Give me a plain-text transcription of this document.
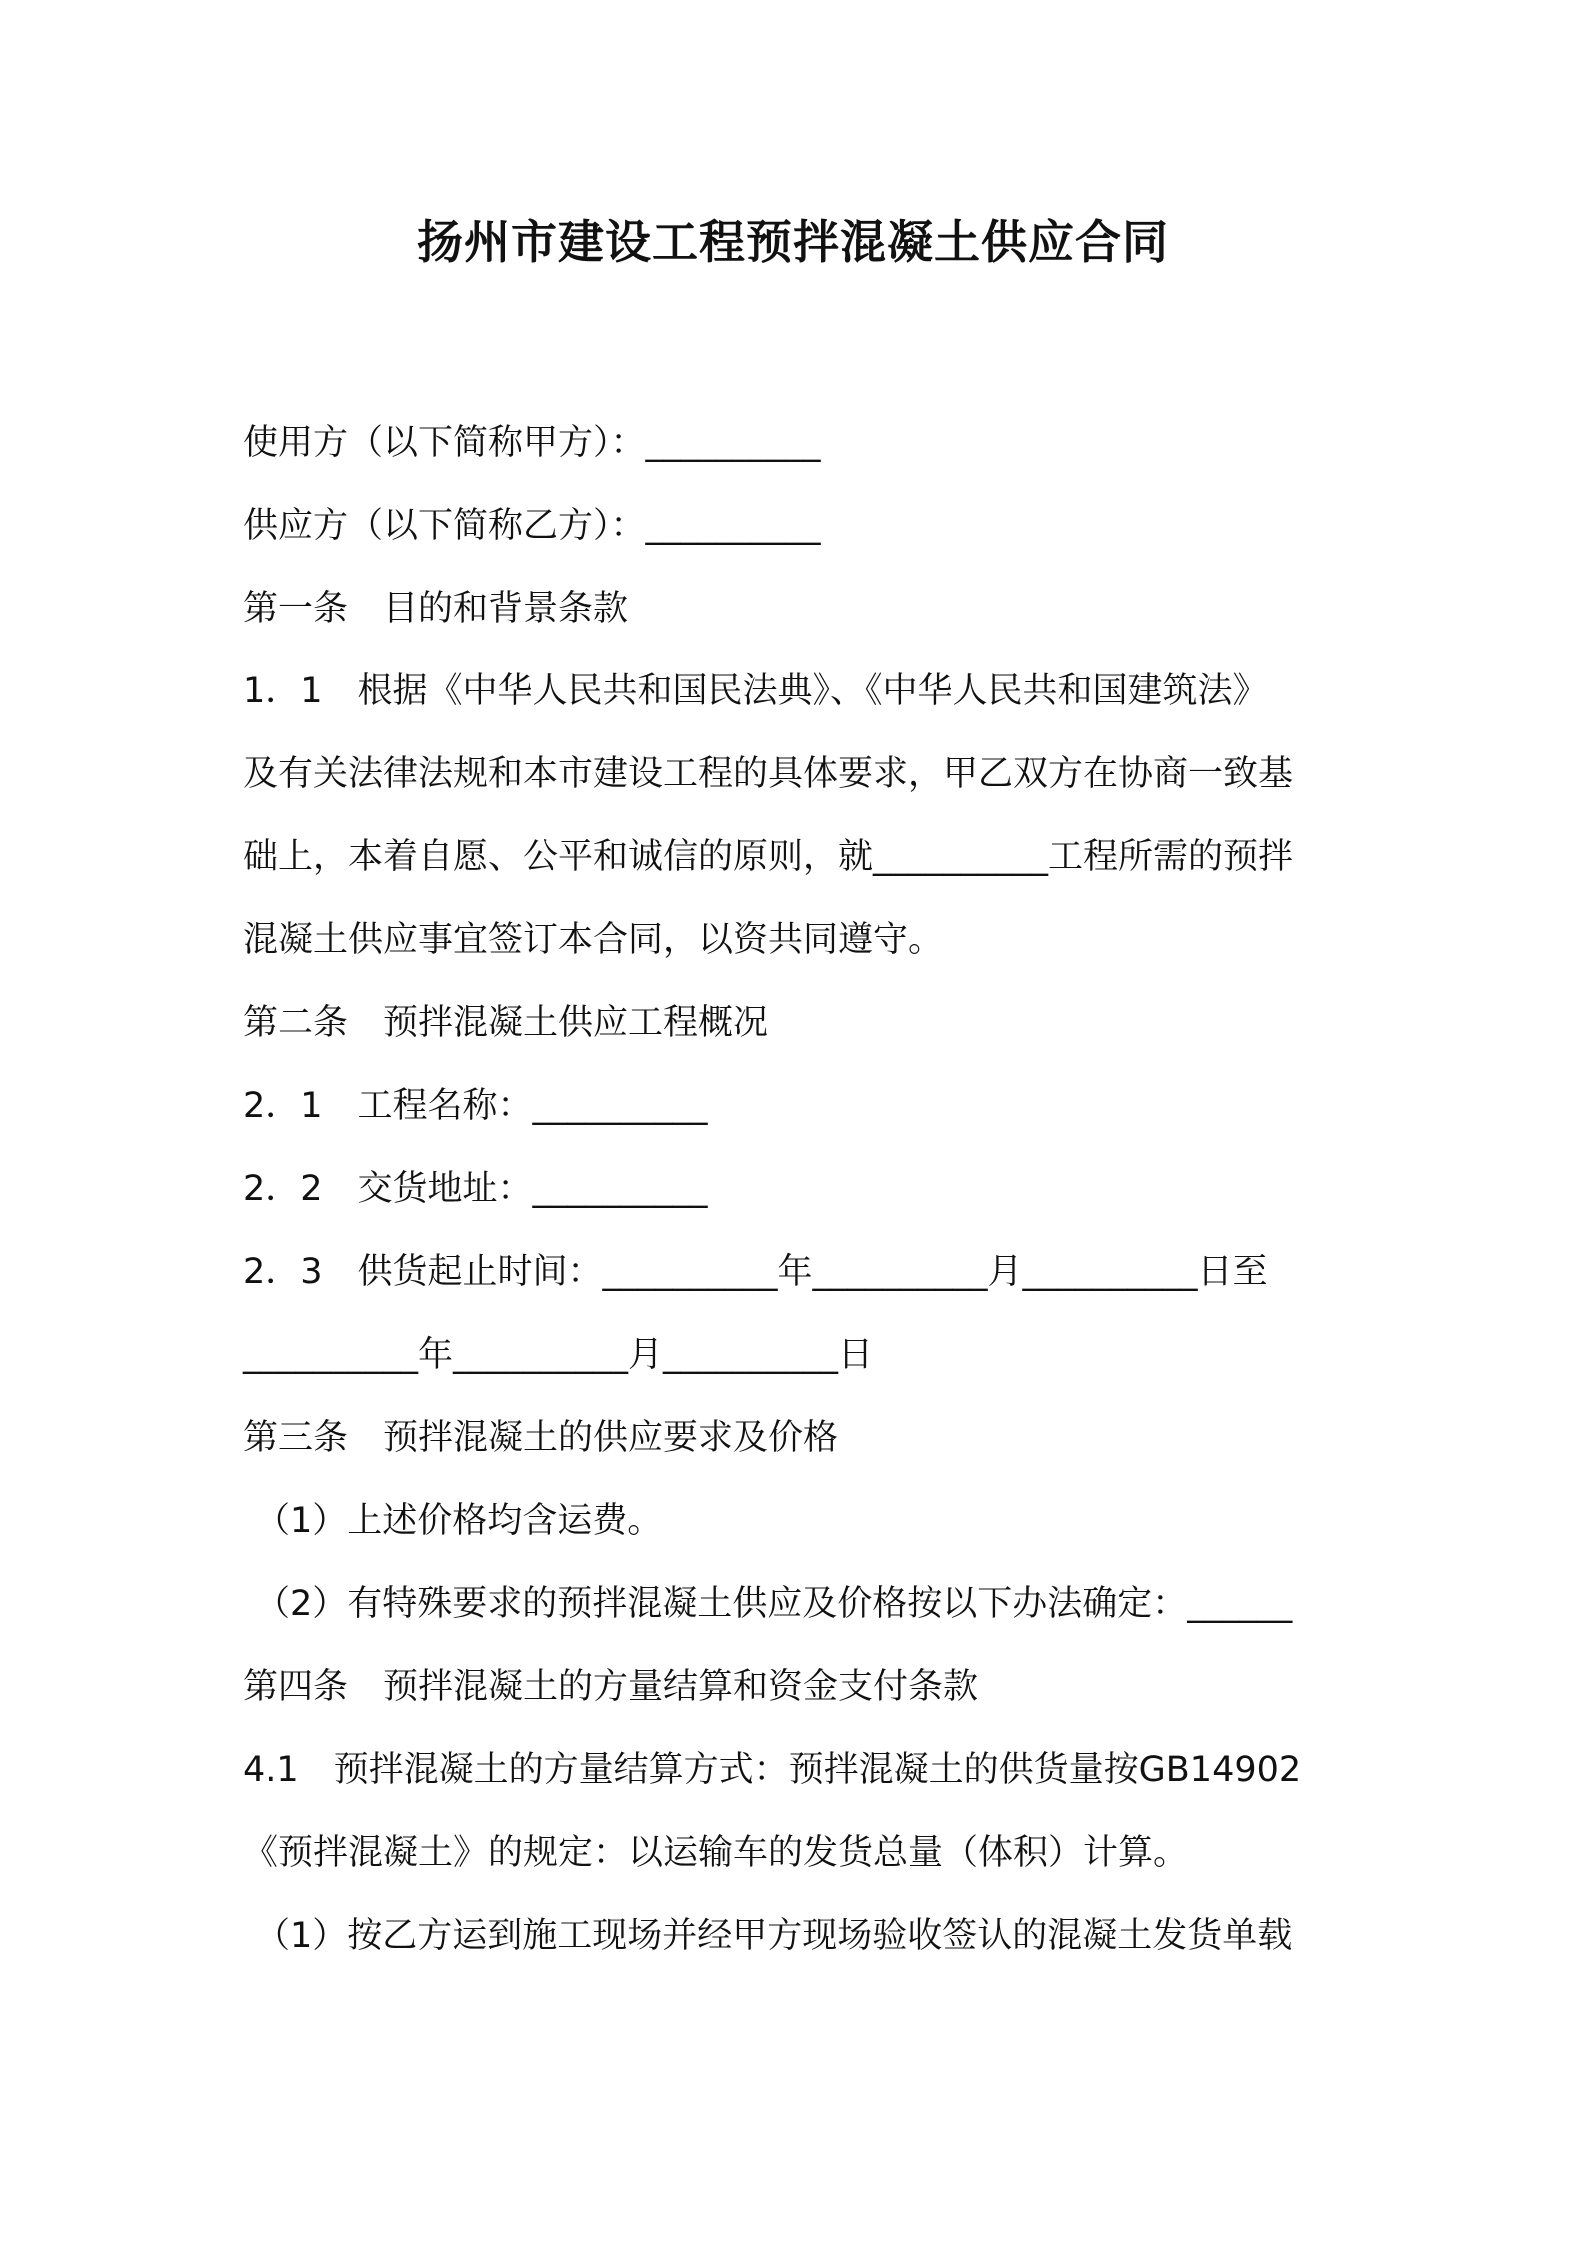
扬州市建设工程预拌混凝土供应合同
使用方（以下简称甲方）：__________
供应方（以下简称乙方）：__________
第一条　目的和背景条款
1．1　根据《中华人民共和国民法典》、《中华人民共和国建筑法》
及有关法律法规和本市建设工程的具体要求，甲乙双方在协商一致基
础上，本着自愿、公平和诚信的原则，就__________工程所需的预拌
混凝土供应事宜签订本合同，以资共同遵守。
第二条　预拌混凝土供应工程概况
2．1　工程名称：__________
2．2　交货地址：__________
2．3　供货起止时间：__________年__________月__________日至
__________年__________月__________日
第三条　预拌混凝土的供应要求及价格
（1）上述价格均含运费。
（2）有特殊要求的预拌混凝土供应及价格按以下办法确定：______
第四条　预拌混凝土的方量结算和资金支付条款
4.1　预拌混凝土的方量结算方式：预拌混凝土的供货量按GB14902
《预拌混凝土》的规定：以运输车的发货总量（体积）计算。
（1）按乙方运到施工现场并经甲方现场验收签认的混凝土发货单载
